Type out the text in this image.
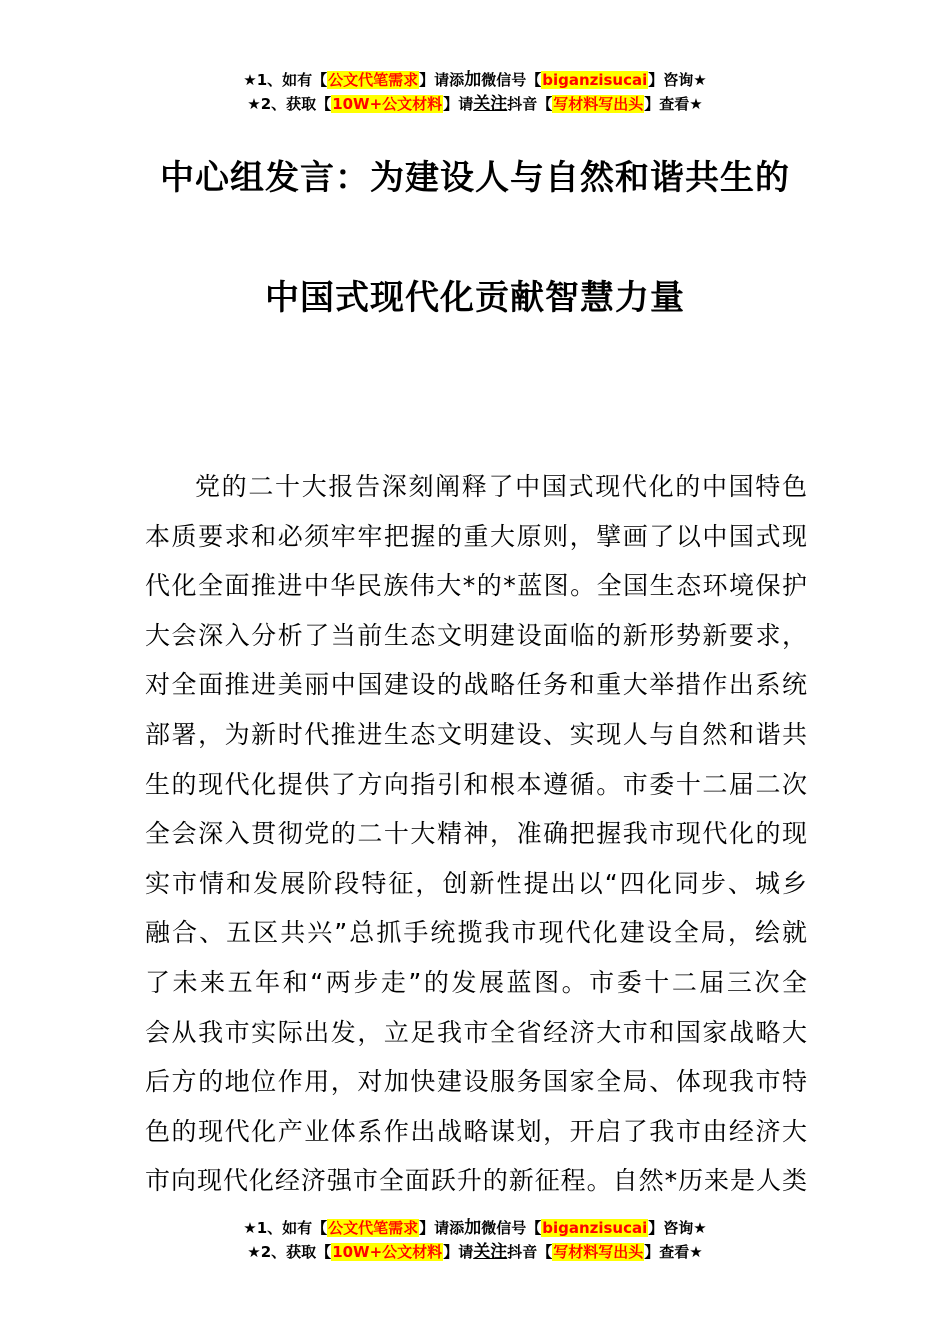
★1、如有【公文代笔需求】请添加微信号【biganzisucai】咨询★
★2、获取【10W+公文材料】请关注抖音【写材料写出头】查看★
中心组发言：为建设人与自然和谐共生的
中国式现代化贡献智慧力量
党的二十大报告深刻阐释了中国式现代化的中国特色
本质要求和必须牢牢把握的重大原则，擘画了以中国式现
代化全面推进中华民族伟大*的*蓝图。全国生态环境保护
大会深入分析了当前生态文明建设面临的新形势新要求，
对全面推进美丽中国建设的战略任务和重大举措作出系统
部署，为新时代推进生态文明建设、实现人与自然和谐共
生的现代化提供了方向指引和根本遵循。市委十二届二次
全会深入贯彻党的二十大精神，准确把握我市现代化的现
实市情和发展阶段特征，创新性提出以“四化同步、城乡
融合、五区共兴”总抓手统揽我市现代化建设全局，绘就
了未来五年和“两步走”的发展蓝图。市委十二届三次全
会从我市实际出发，立足我市全省经济大市和国家战略大
后方的地位作用，对加快建设服务国家全局、体现我市特
色的现代化产业体系作出战略谋划，开启了我市由经济大
市向现代化经济强市全面跃升的新征程。自然*历来是人类
★1、如有【公文代笔需求】请添加微信号【biganzisucai】咨询★
★2、获取【10W+公文材料】请关注抖音【写材料写出头】查看★
